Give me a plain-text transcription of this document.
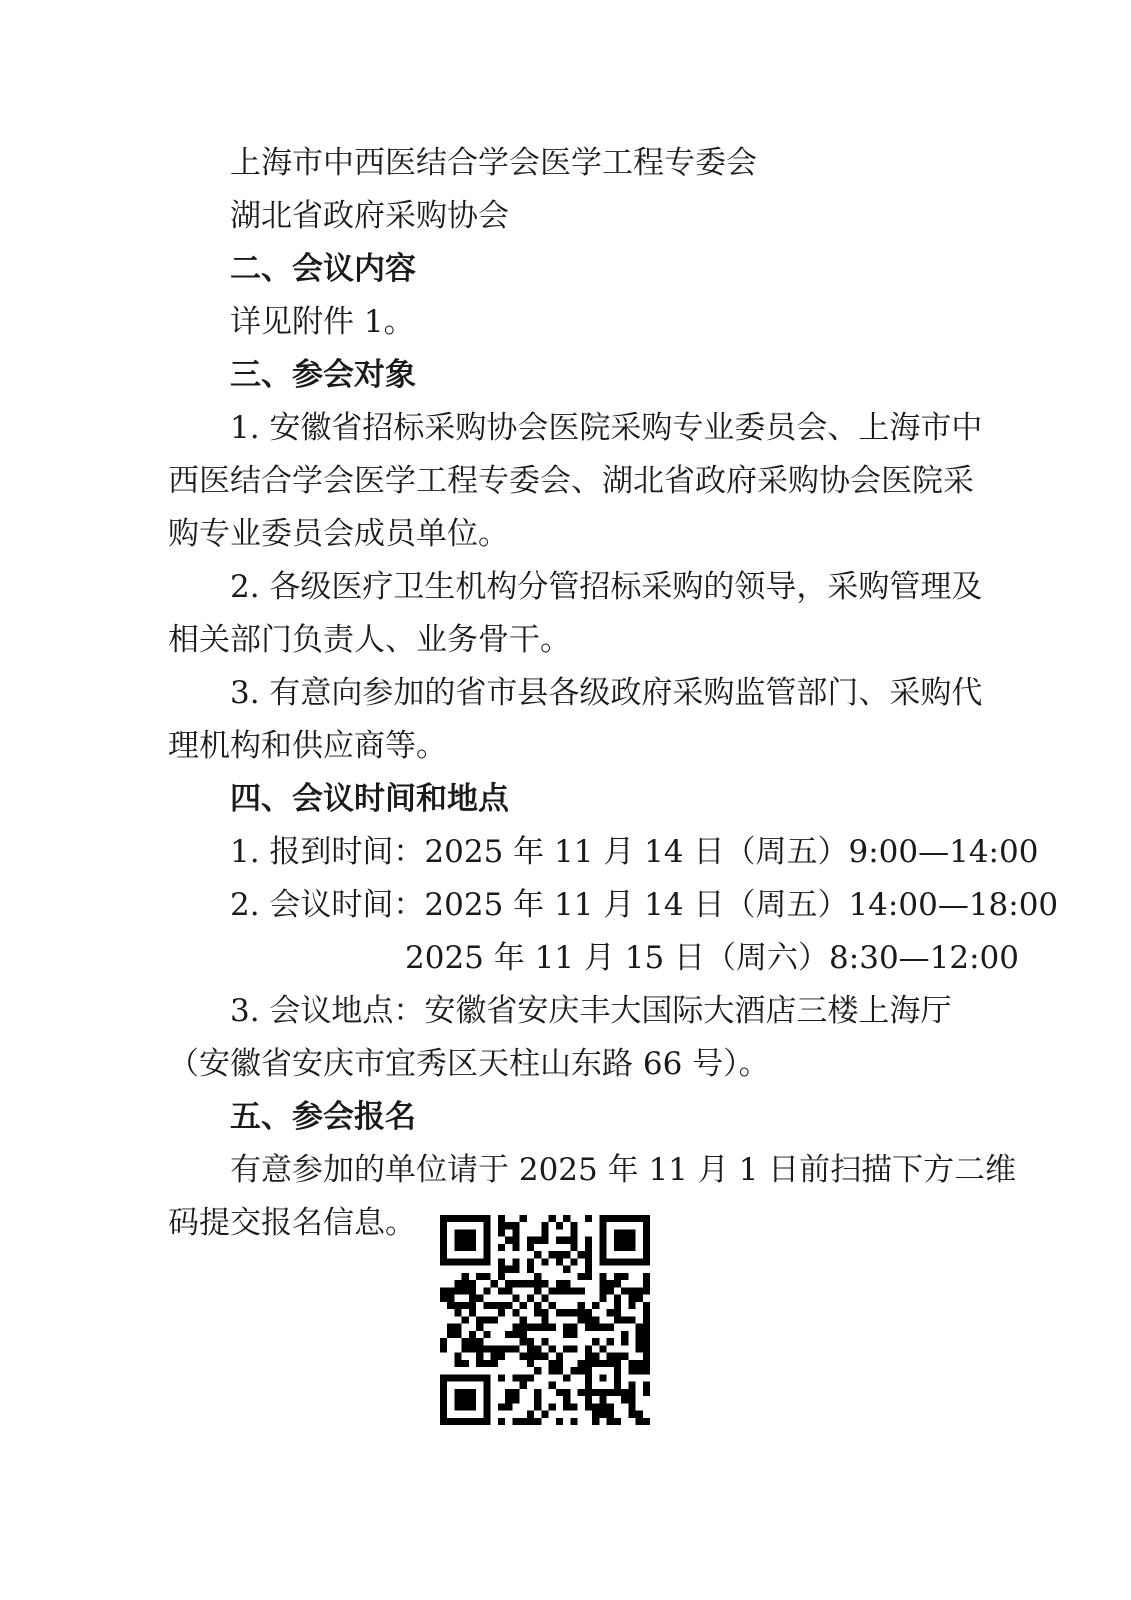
上海市中西医结合学会医学工程专委会

湖北省政府采购协会

二、会议内容

详见附件 1。

三、参会对象

1. 安徽省招标采购协会医院采购专业委员会、上海市中

西医结合学会医学工程专委会、湖北省政府采购协会医院采

购专业委员会成员单位。

2. 各级医疗卫生机构分管招标采购的领导，采购管理及

相关部门负责人、业务骨干。

3. 有意向参加的省市县各级政府采购监管部门、采购代

理机构和供应商等。

四、会议时间和地点

1. 报到时间：2025 年 11 月 14 日（周五）9:00—14:00

2. 会议时间：2025 年 11 月 14 日（周五）14:00—18:00

2025 年 11 月 15 日（周六）8:30—12:00

3. 会议地点：安徽省安庆丰大国际大酒店三楼上海厅

（安徽省安庆市宜秀区天柱山东路 66 号）。

五、参会报名

有意参加的单位请于 2025 年 11 月 1 日前扫描下方二维

码提交报名信息。
